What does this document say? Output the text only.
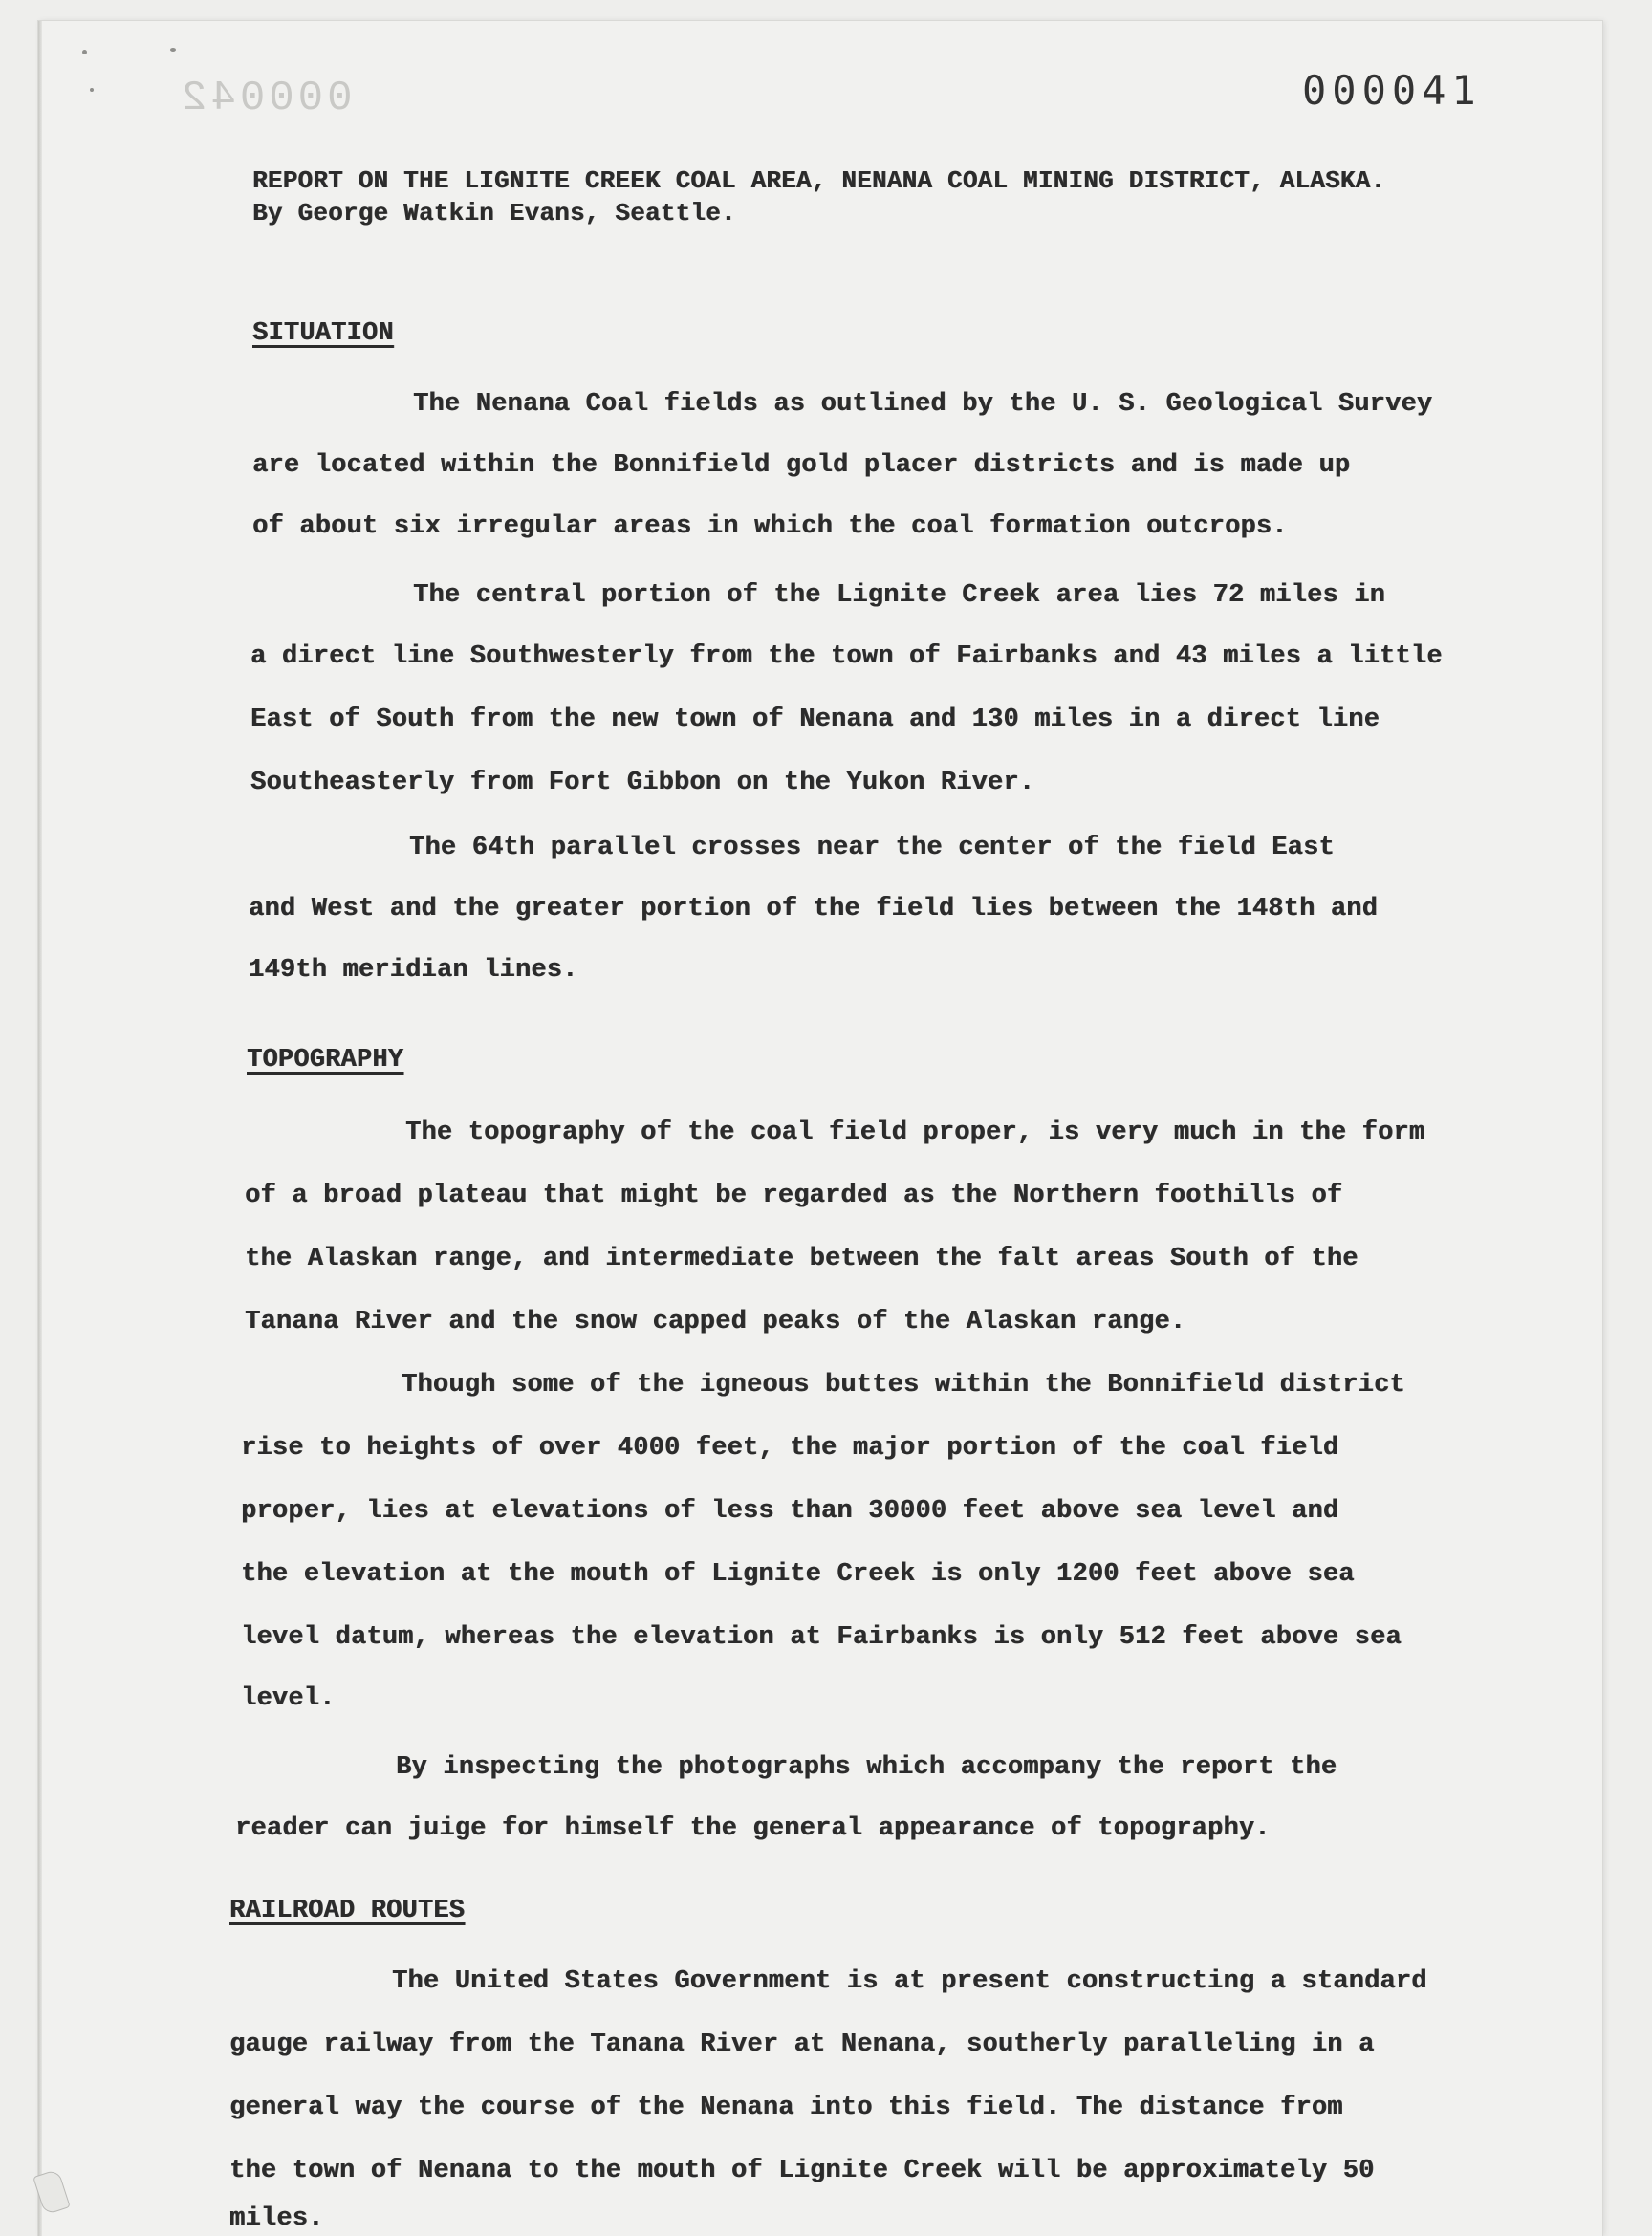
000042	000041
REPORT ON THE LIGNITE CREEK COAL AREA, NENANA COAL MINING DISTRICT, ALASKA.
By George Watkin Evans, Seattle.
SITUATION
The Nenana Coal fields as outlined by the U. S. Geological Survey
are located within the Bonnifield gold placer districts and is made up
of about six irregular areas in which the coal formation outcrops.
The central portion of the Lignite Creek area lies 72 miles in
a direct line Southwesterly from the town of Fairbanks and 43 miles a little
East of South from the new town of Nenana and 130 miles in a direct line
Southeasterly from Fort Gibbon on the Yukon River.
The 64th parallel crosses near the center of the field East
and West and the greater portion of the field lies between the 148th and
149th meridian lines.
TOPOGRAPHY
The topography of the coal field proper, is very much in the form
of a broad plateau that might be regarded as the Northern foothills of
the Alaskan range, and intermediate between the falt areas South of the
Tanana River and the snow capped peaks of the Alaskan range.
Though some of the igneous buttes within the Bonnifield district
rise to heights of over 4000 feet, the major portion of the coal field
proper, lies at elevations of less than 30000 feet above sea level and
the elevation at the mouth of Lignite Creek is only 1200 feet above sea
level datum, whereas the elevation at Fairbanks is only 512 feet above sea
level.
By inspecting the photographs which accompany the report the
reader can juige for himself the general appearance of topography.
RAILROAD ROUTES
The United States Government is at present constructing a standard
gauge railway from the Tanana River at Nenana, southerly paralleling in a
general way the course of the Nenana into this field. The distance from
the town of Nenana to the mouth of Lignite Creek will be approximately 50
miles.
